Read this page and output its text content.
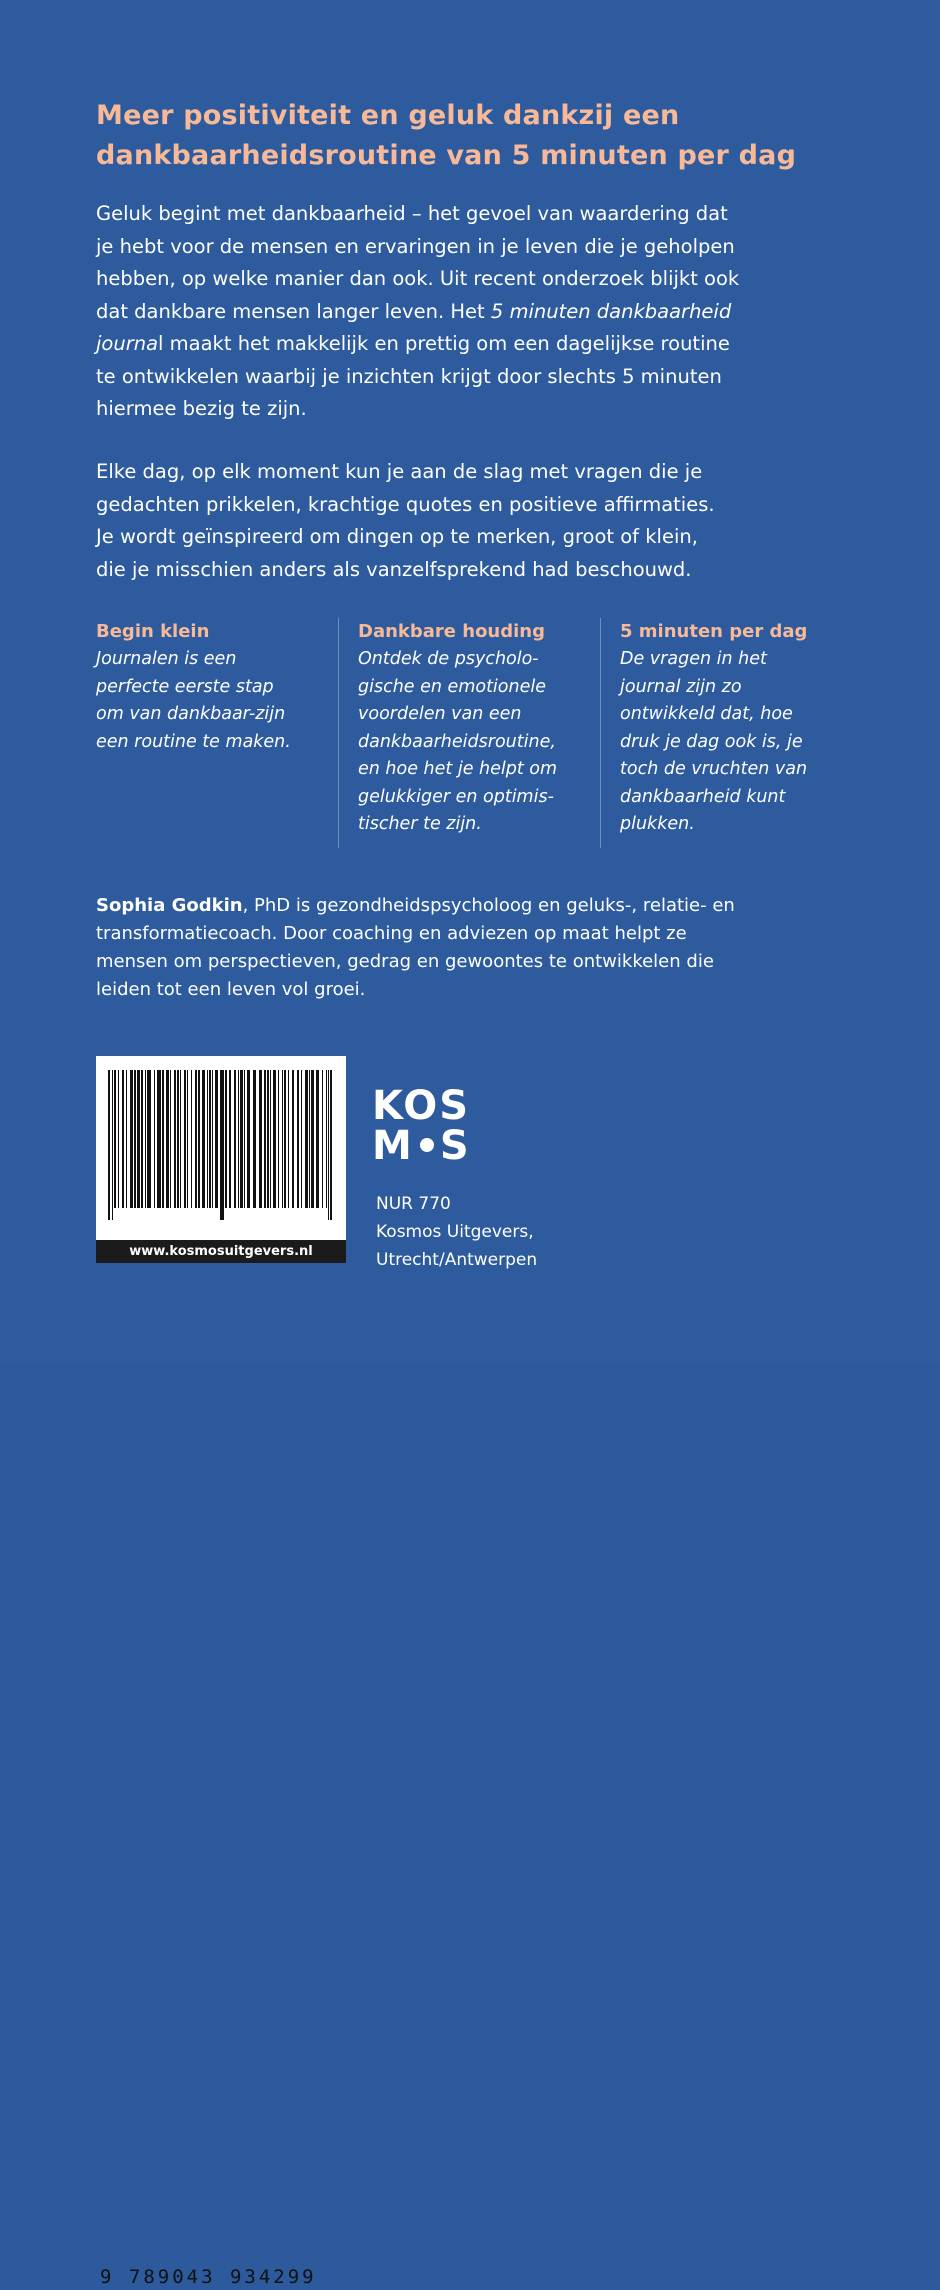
Meer positiviteit en geluk dankzij een
dankbaarheidsroutine van 5 minuten per dag

Geluk begint met dankbaarheid – het gevoel van waardering dat
je hebt voor de mensen en ervaringen in je leven die je geholpen
hebben, op welke manier dan ook. Uit recent onderzoek blijkt ook
dat dankbare mensen langer leven. Het 5 minuten dankbaarheid
journal maakt het makkelijk en prettig om een dagelijkse routine
te ontwikkelen waarbij je inzichten krijgt door slechts 5 minuten
hiermee bezig te zijn.

Elke dag, op elk moment kun je aan de slag met vragen die je
gedachten prikkelen, krachtige quotes en positieve affirmaties.
Je wordt geïnspireerd om dingen op te merken, groot of klein,
die je misschien anders als vanzelfsprekend had beschouwd.

Begin klein
Journalen is een
perfecte eerste stap
om van dankbaar-zijn
een routine te maken.
Dankbare houding
Ontdek de psycholo-
gische en emotionele
voordelen van een
dankbaarheidsroutine,
en hoe het je helpt om
gelukkiger en optimis-
tischer te zijn.
5 minuten per dag
De vragen in het
journal zijn zo
ontwikkeld dat, hoe
druk je dag ook is, je
toch de vruchten van
dankbaarheid kunt
plukken.

Sophia Godkin, PhD is gezondheidspsycholoog en geluks-, relatie- en
transformatiecoach. Door coaching en adviezen op maat helpt ze
mensen om perspectieven, gedrag en gewoontes te ontwikkelen die
leiden tot een leven vol groei.

9 789043 934299
www.kosmosuitgevers.nl
KOS
M S
NUR 770
Kosmos Uitgevers,
Utrecht/Antwerpen
